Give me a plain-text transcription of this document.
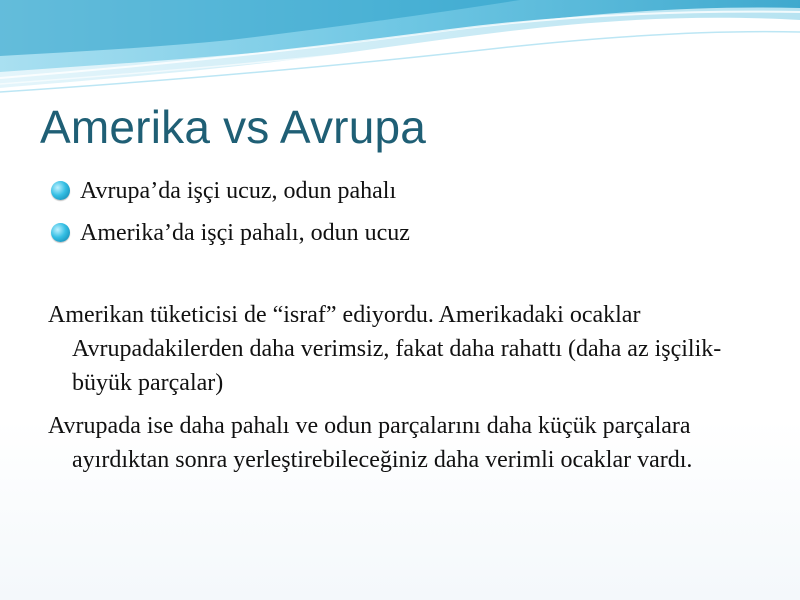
Amerika vs Avrupa
Avrupa’da işçi ucuz, odun pahalı
Amerika’da işçi pahalı, odun ucuz

Amerikan tüketicisi de “israf” ediyordu. Amerikadaki ocaklar Avrupadakilerden daha verimsiz, fakat daha rahattı (daha az işçilik- büyük parçalar)

Avrupada ise daha pahalı ve odun parçalarını daha küçük parçalara ayırdıktan sonra yerleştirebileceğiniz daha verimli ocaklar vardı.
